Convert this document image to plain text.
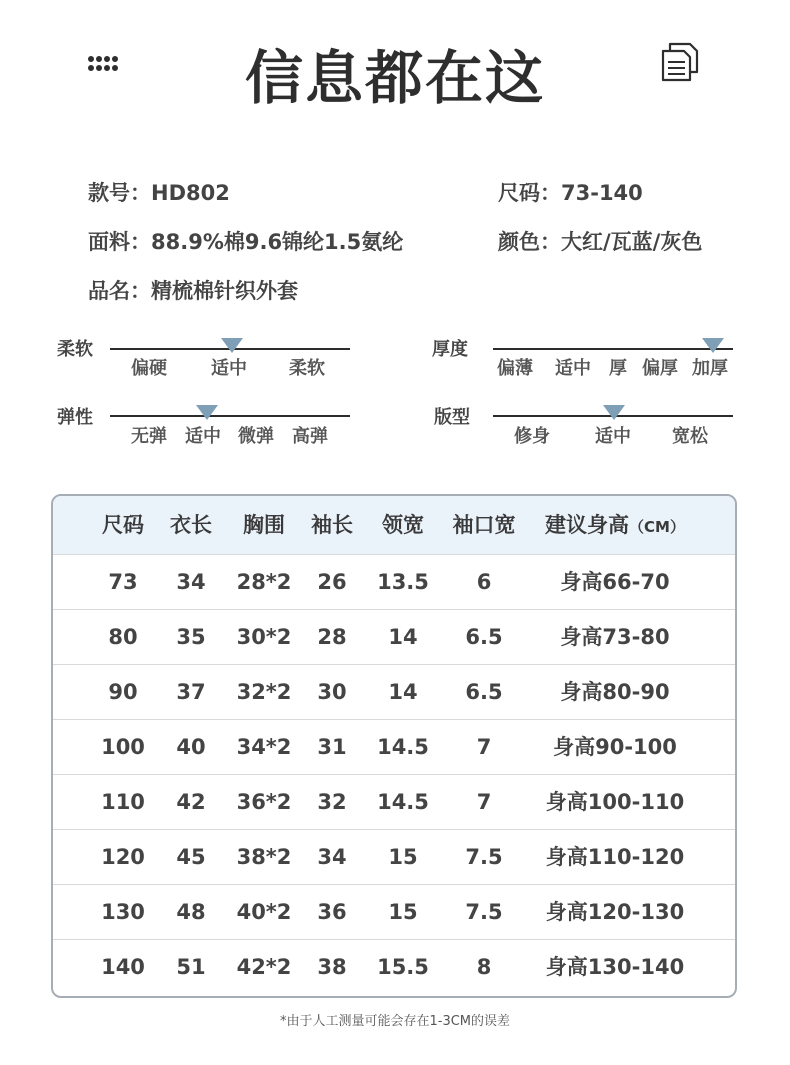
信息都在这
款号：HD802	尺码：73-140
面料：88.9%棉9.6锦纶1.5氨纶	颜色：大红/瓦蓝/灰色
品名：精梳棉针织外套
柔软
偏硬 适中 柔软
厚度
偏薄 适中 厚 偏厚 加厚
弹性
无弹 适中 微弹 高弹
版型
修身	适中 宽松
尺码	衣长	胸围	袖长	领宽	袖口宽	建议身高（CM）
73	34	28*2	26	13.5	6	身高66-70
80	35	30*2	28	14	6.5	身高73-80
90	37	32*2	30	14	6.5	身高80-90
100	40	34*2	31	14.5	7	身高90-100
110	42	36*2	32	14.5	7	身高100-110
120	45	38*2	34	15	7.5	身高110-120
130	48	40*2	36	15	7.5	身高120-130
140	51	42*2	38	15.5	8	身高130-140
*由于人工测量可能会存在1-3CM的误差
